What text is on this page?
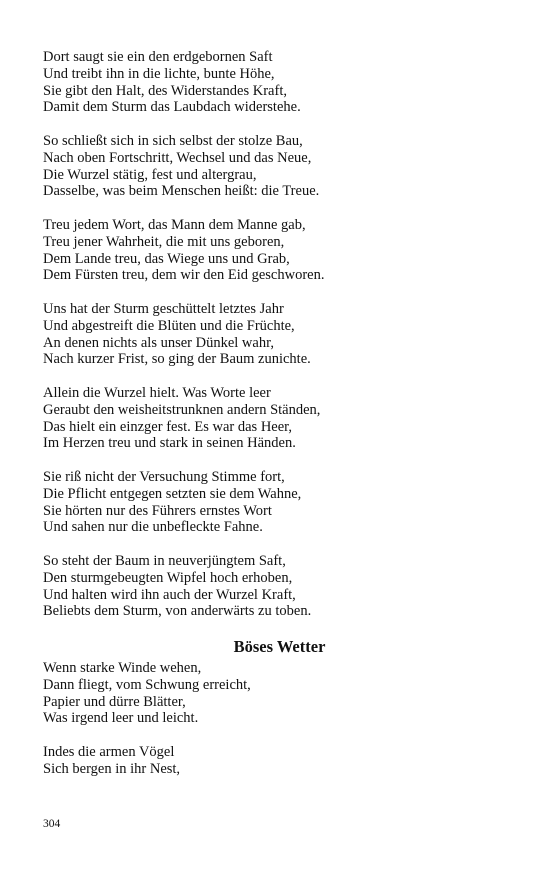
Dort saugt sie ein den erdgebornen Saft
Und treibt ihn in die lichte, bunte Höhe,
Sie gibt den Halt, des Widerstandes Kraft,
Damit dem Sturm das Laubdach widerstehe.
So schließt sich in sich selbst der stolze Bau,
Nach oben Fortschritt, Wechsel und das Neue,
Die Wurzel stätig, fest und altergrau,
Dasselbe, was beim Menschen heißt: die Treue.
Treu jedem Wort, das Mann dem Manne gab,
Treu jener Wahrheit, die mit uns geboren,
Dem Lande treu, das Wiege uns und Grab,
Dem Fürsten treu, dem wir den Eid geschworen.
Uns hat der Sturm geschüttelt letztes Jahr
Und abgestreift die Blüten und die Früchte,
An denen nichts als unser Dünkel wahr,
Nach kurzer Frist, so ging der Baum zunichte.
Allein die Wurzel hielt. Was Worte leer
Geraubt den weisheitstrunknen andern Ständen,
Das hielt ein einzger fest. Es war das Heer,
Im Herzen treu und stark in seinen Händen.
Sie riß nicht der Versuchung Stimme fort,
Die Pflicht entgegen setzten sie dem Wahne,
Sie hörten nur des Führers ernstes Wort
Und sahen nur die unbefleckte Fahne.
So steht der Baum in neuverjüngtem Saft,
Den sturmgebeugten Wipfel hoch erhoben,
Und halten wird ihn auch der Wurzel Kraft,
Beliebts dem Sturm, von anderwärts zu toben.
Böses Wetter
Wenn starke Winde wehen,
Dann fliegt, vom Schwung erreicht,
Papier und dürre Blätter,
Was irgend leer und leicht.
Indes die armen Vögel
Sich bergen in ihr Nest,
304
